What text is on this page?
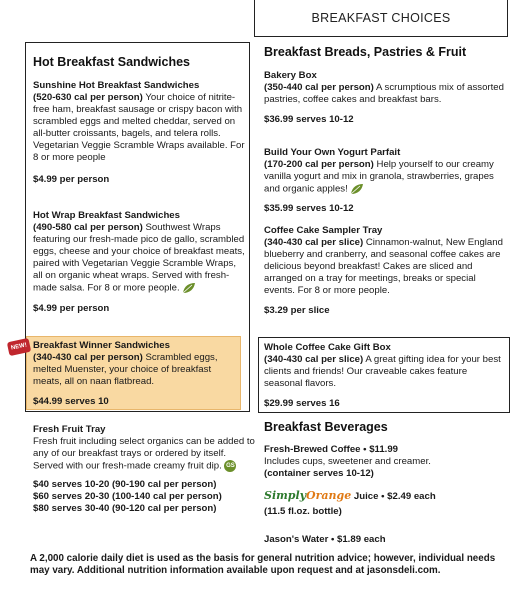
BREAKFAST CHOICES
Hot Breakfast Sandwiches
Sunshine Hot Breakfast Sandwiches
(520-630 cal per person) Your choice of nitrite-free ham, breakfast sausage or crispy bacon with scrambled eggs and melted cheddar, served on all-butter croissants, bagels, and telera rolls. Vegetarian Veggie Scramble Wraps available. For 8 or more people
$4.99 per person
Hot Wrap Breakfast Sandwiches
(490-580 cal per person) Southwest Wraps featuring our fresh-made pico de gallo, scrambled eggs, cheese and your choice of breakfast meats, paired with Vegetarian Veggie Scramble Wraps, all on organic wheat wraps. Served with fresh-made salsa. For 8 or more people.
$4.99 per person
NEW! Breakfast Winner Sandwiches
(340-430 cal per person) Scrambled eggs, melted Muenster, your choice of breakfast meats, all on naan flatbread.
$44.99 serves 10
Fresh Fruit Tray
Fresh fruit including select organics can be added to any of our breakfast trays or ordered by itself. Served with our fresh-made creamy fruit dip. GS
$40 serves 10-20 (90-190 cal per person)
$60 serves 20-30 (100-140 cal per person)
$80 serves 30-40 (90-120 cal per person)
Breakfast Breads, Pastries & Fruit
Bakery Box
(350-440 cal per person) A scrumptious mix of assorted pastries, coffee cakes and breakfast bars.
$36.99 serves 10-12
Build Your Own Yogurt Parfait
(170-200 cal per person) Help yourself to our creamy vanilla yogurt and mix in granola, strawberries, grapes and organic apples!
$35.99 serves 10-12
Coffee Cake Sampler Tray
(340-430 cal per slice) Cinnamon-walnut, New England blueberry and cranberry, and seasonal coffee cakes are delicious beyond breakfast! Cakes are sliced and arranged on a tray for meetings, breaks or special events. For 8 or more people.
$3.29 per slice
Whole Coffee Cake Gift Box
(340-430 cal per slice) A great gifting idea for your best clients and friends! Our craveable cakes feature seasonal flavors.
$29.99 serves 16
Breakfast Beverages
Fresh-Brewed Coffee • $11.99
Includes cups, sweetener and creamer.
(container serves 10-12)
SimplyOrange Juice • $2.49 each
(11.5 fl.oz. bottle)
Jason's Water • $1.89 each
A 2,000 calorie daily diet is used as the basis for general nutrition advice; however, individual needs may vary. Additional nutrition information available upon request and at jasonsdeli.com.
